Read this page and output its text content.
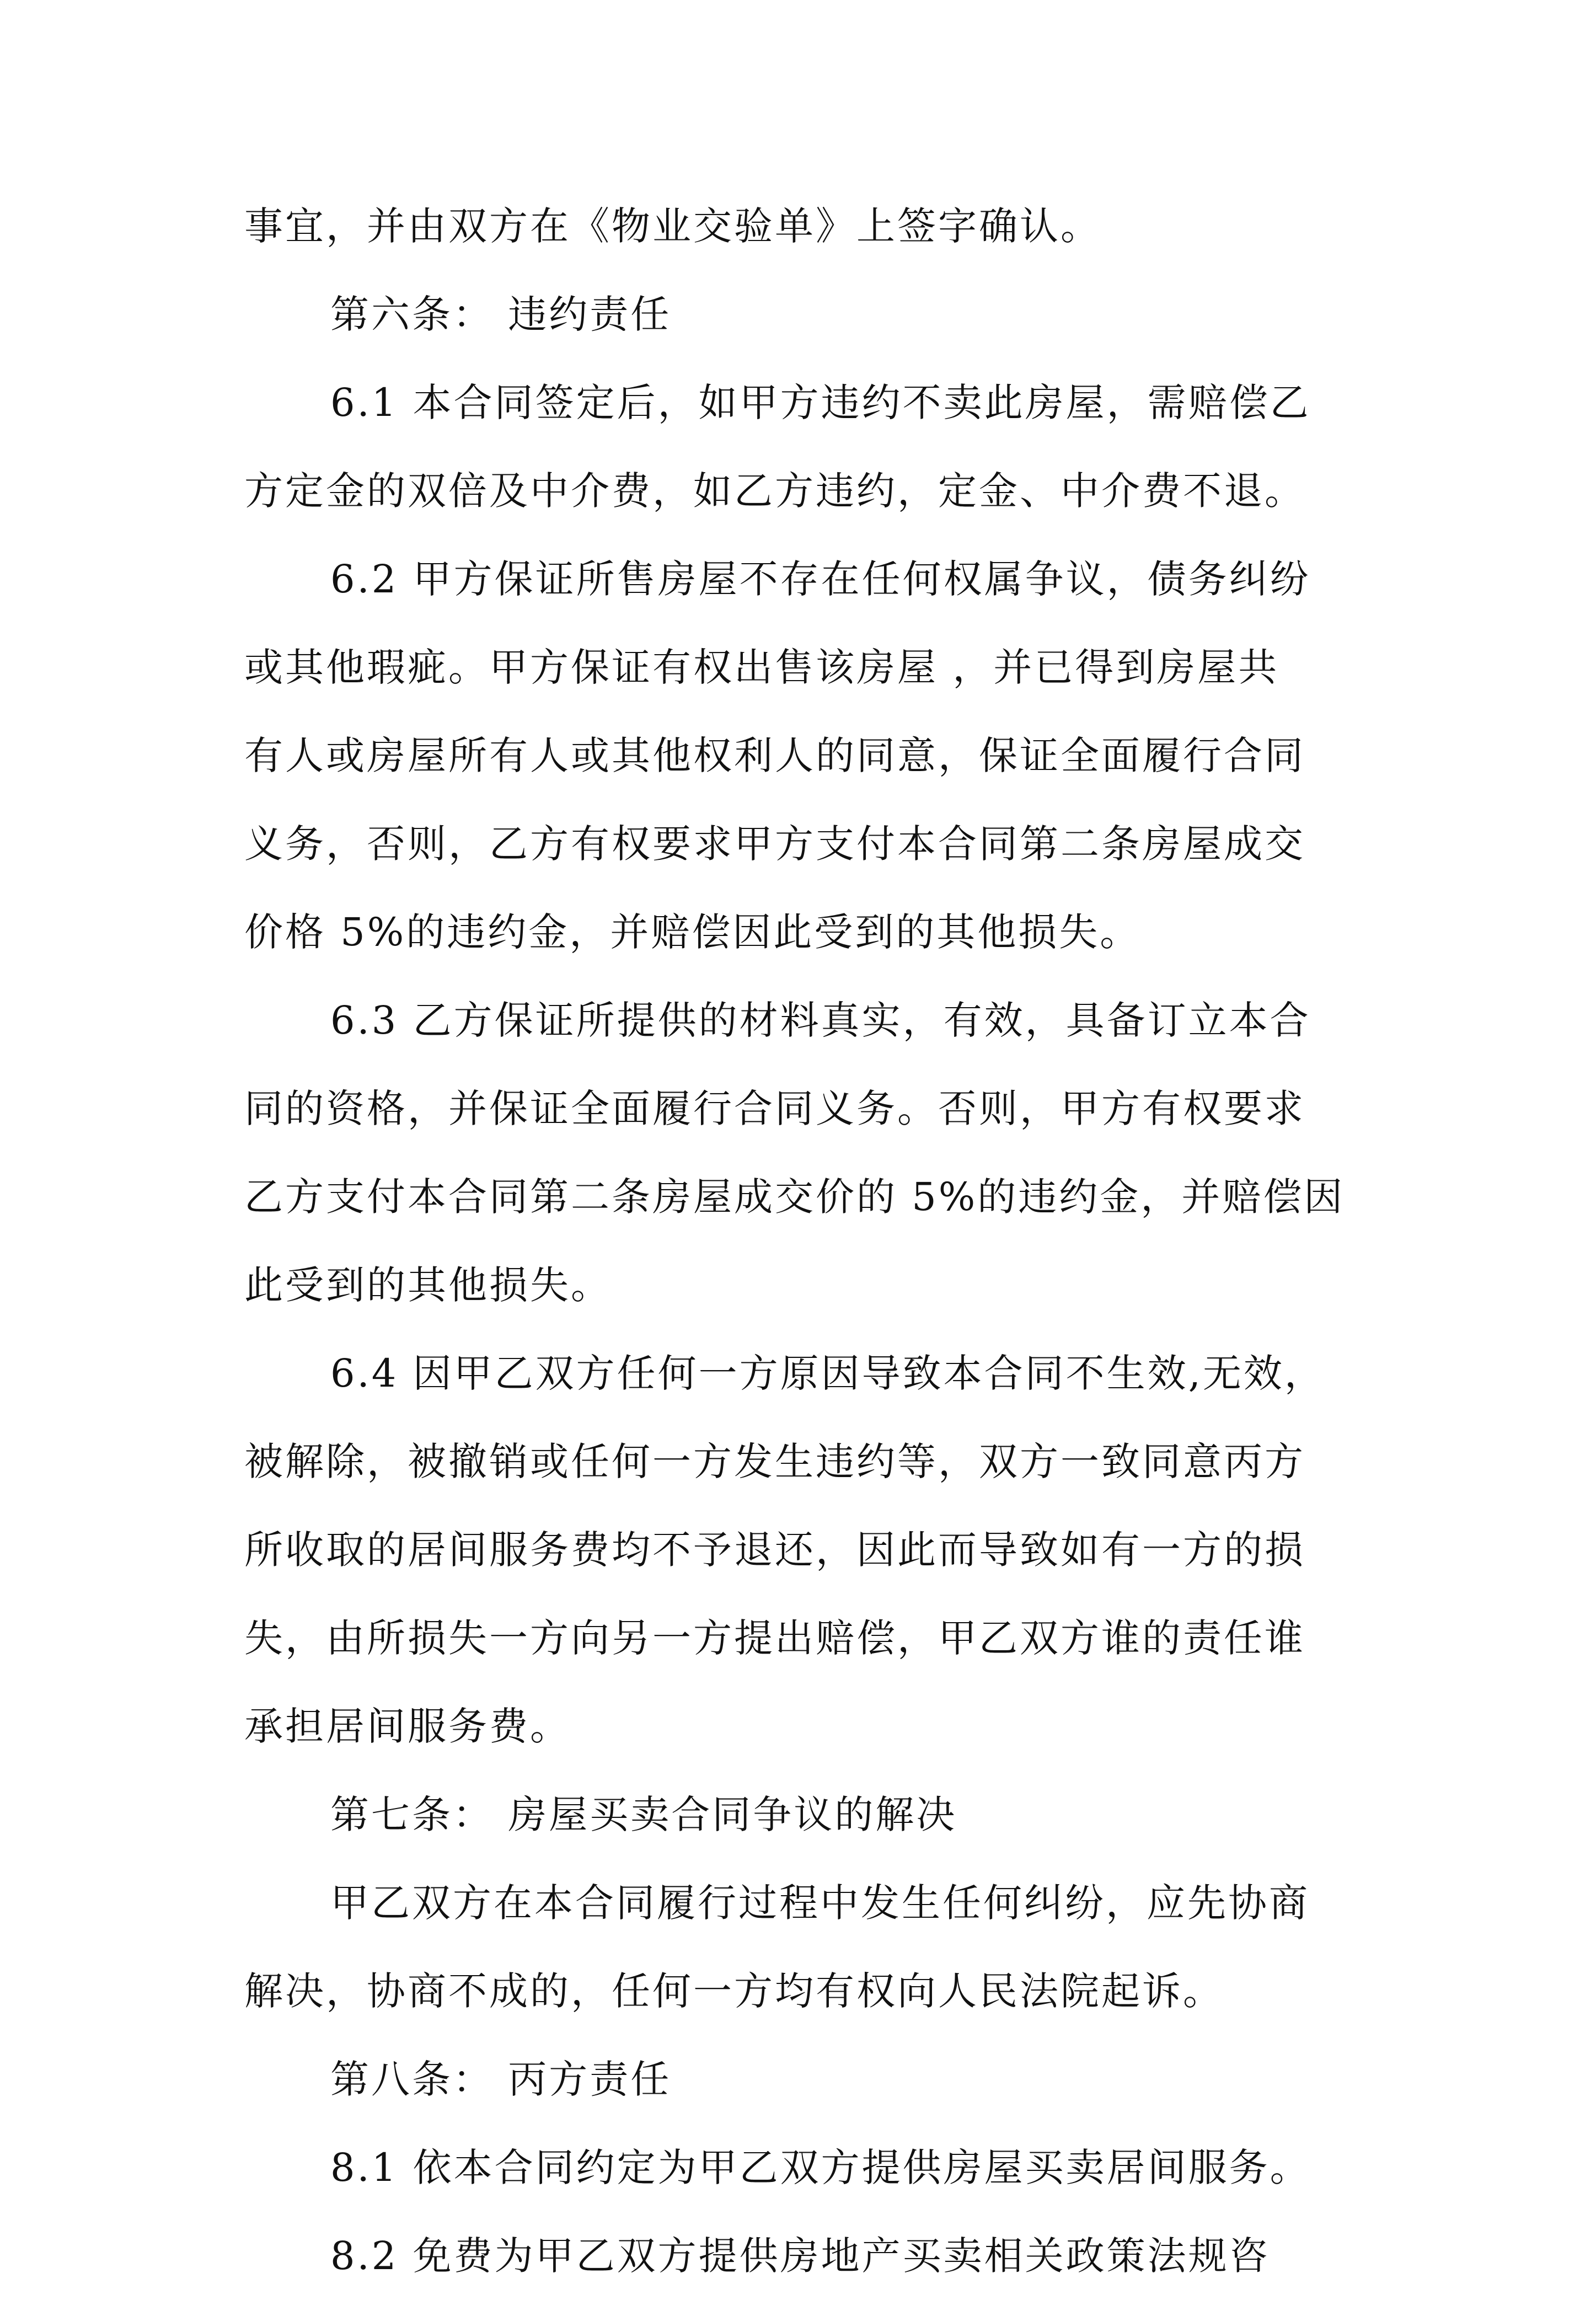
事宜，并由双方在《物业交验单》上签字确认。
第六条： 违约责任
6.1 本合同签定后，如甲方违约不卖此房屋，需赔偿乙
方定金的双倍及中介费，如乙方违约，定金、中介费不退。
6.2 甲方保证所售房屋不存在任何权属争议，债务纠纷
或其他瑕疵。甲方保证有权出售该房屋 ，并已得到房屋共
有人或房屋所有人或其他权利人的同意，保证全面履行合同
义务，否则，乙方有权要求甲方支付本合同第二条房屋成交
价格 5%的违约金，并赔偿因此受到的其他损失。
6.3 乙方保证所提供的材料真实，有效，具备订立本合
同的资格，并保证全面履行合同义务。否则，甲方有权要求
乙方支付本合同第二条房屋成交价的 5%的违约金，并赔偿因
此受到的其他损失。
6.4 因甲乙双方任何一方原因导致本合同不生效,无效，
被解除，被撤销或任何一方发生违约等，双方一致同意丙方
所收取的居间服务费均不予退还，因此而导致如有一方的损
失，由所损失一方向另一方提出赔偿，甲乙双方谁的责任谁
承担居间服务费。
第七条： 房屋买卖合同争议的解决
甲乙双方在本合同履行过程中发生任何纠纷，应先协商
解决，协商不成的，任何一方均有权向人民法院起诉。
第八条： 丙方责任
8.1 依本合同约定为甲乙双方提供房屋买卖居间服务。
8.2 免费为甲乙双方提供房地产买卖相关政策法规咨
